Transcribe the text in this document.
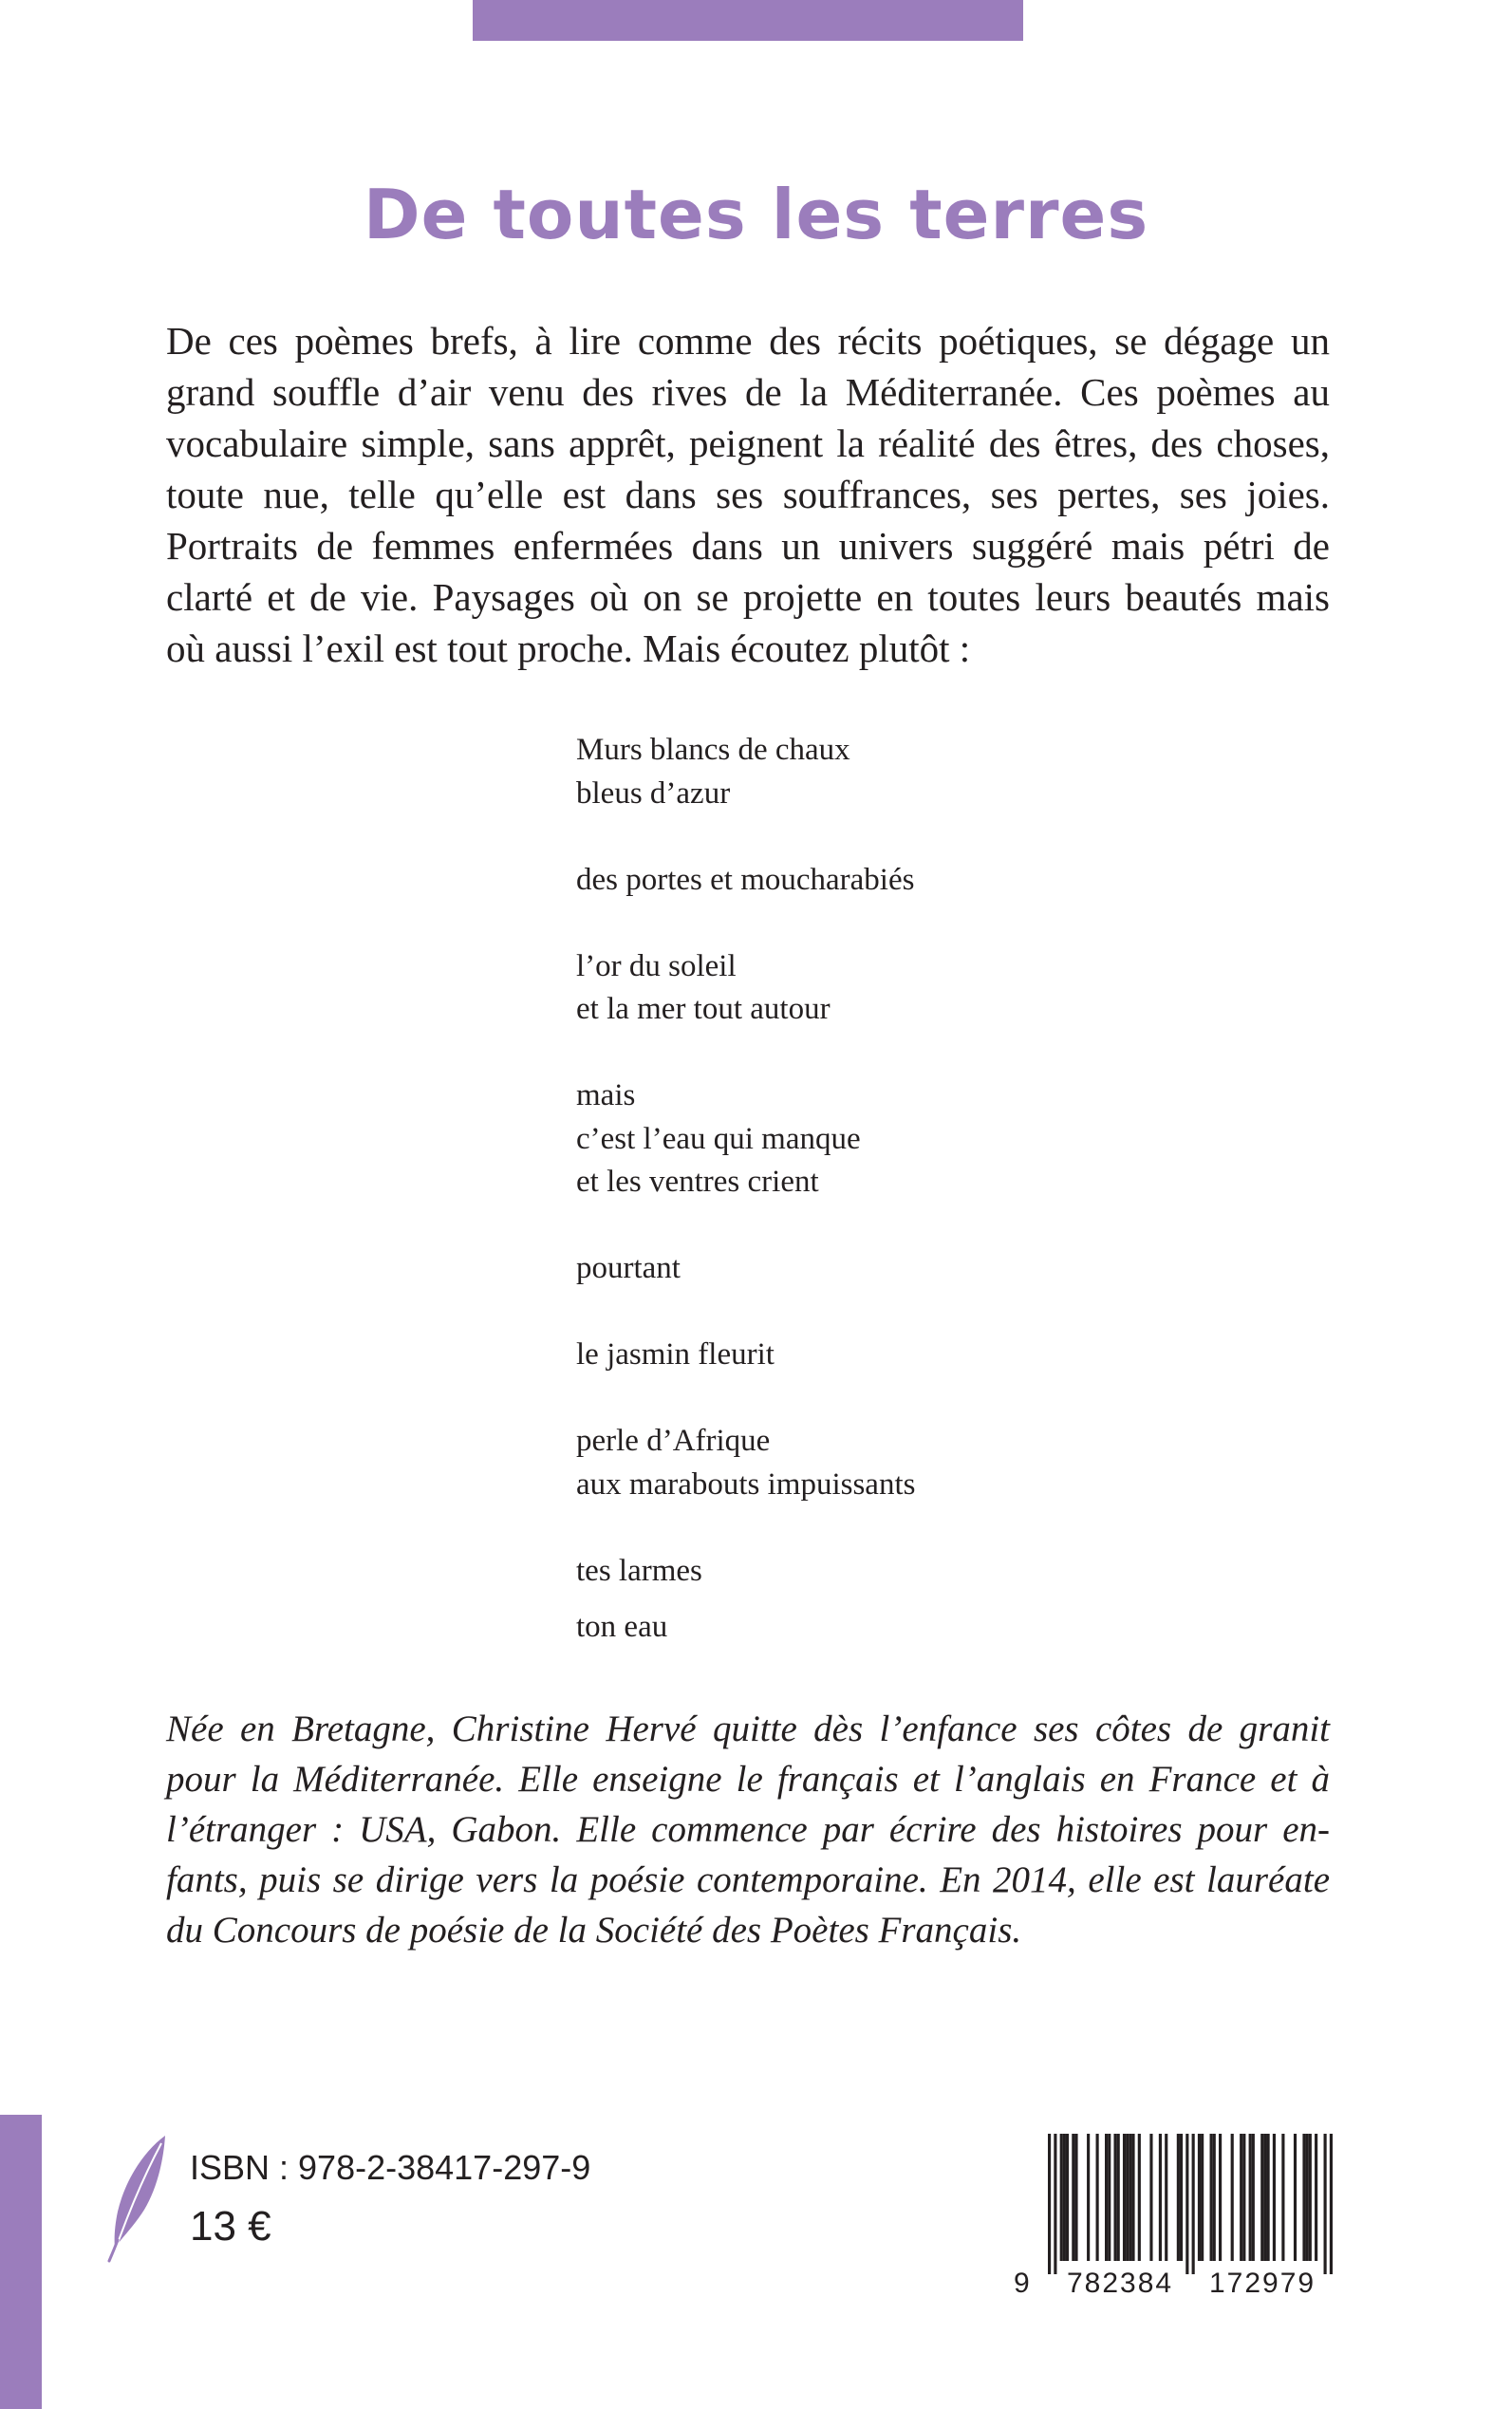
De toutes les terres
De ces poèmes brefs, à lire comme des récits poétiques, se dégage un
grand souffle d’air venu des rives de la Méditerranée. Ces poèmes au
vocabulaire simple, sans apprêt, peignent la réalité des êtres, des choses,
toute nue, telle qu’elle est dans ses souffrances, ses pertes, ses joies.
Portraits de femmes enfermées dans un univers suggéré mais pétri de
clarté et de vie. Paysages où on se projette en toutes leurs beautés mais
où aussi l’exil est tout proche. Mais écoutez plutôt :
Murs blancs de chaux
bleus d’azur
des portes et moucharabiés
l’or du soleil
et la mer tout autour
mais
c’est l’eau qui manque
et les ventres crient
pourtant
le jasmin fleurit
perle d’Afrique
aux marabouts impuissants
tes larmes
ton eau
Née en Bretagne, Christine Hervé quitte dès l’enfance ses côtes de granit
pour la Méditerranée. Elle enseigne le français et l’anglais en France et à
l’étranger : USA, Gabon. Elle commence par écrire des histoires pour en-
fants, puis se dirige vers la poésie contemporaine. En 2014, elle est lauréate
du Concours de poésie de la Société des Poètes Français.
ISBN : 978-2-38417-297-9
13 €
9 782384 172979
